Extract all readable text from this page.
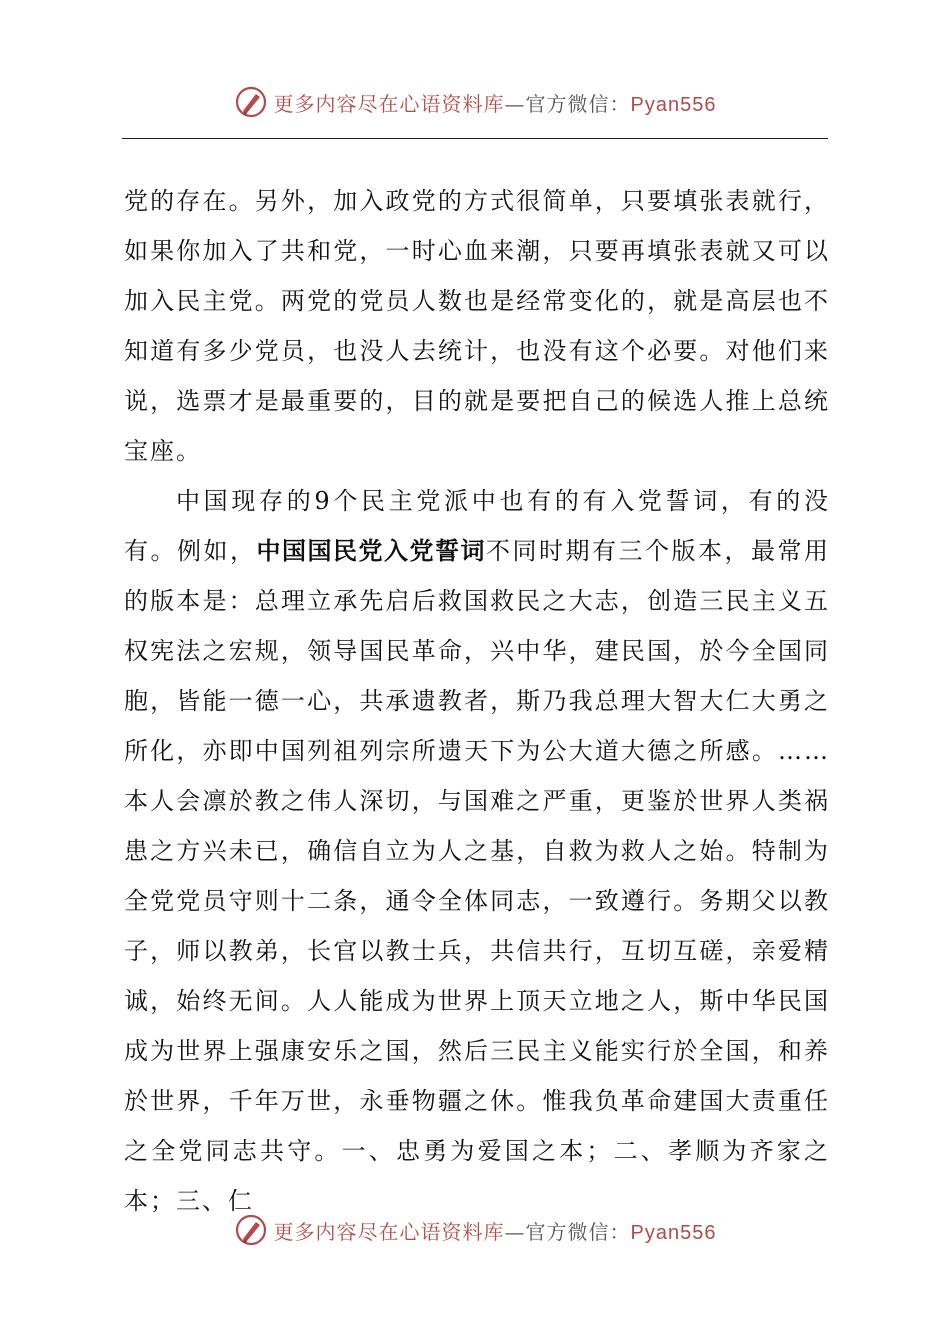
更多内容尽在心语资料库—官方微信：Pyan556

党的存在。另外，加入政党的方式很简单，只要填张表就行，如果你加入了共和党，一时心血来潮，只要再填张表就又可以加入民主党。两党的党员人数也是经常变化的，就是高层也不知道有多少党员，也没人去统计，也没有这个必要。对他们来说，选票才是最重要的，目的就是要把自己的候选人推上总统宝座。

中国现存的9个民主党派中也有的有入党誓词，有的没有。例如，中国国民党入党誓词不同时期有三个版本，最常用的版本是：总理立承先启后救国救民之大志，创造三民主义五权宪法之宏规，领导国民革命，兴中华，建民国，於今全国同胞，皆能一德一心，共承遗教者，斯乃我总理大智大仁大勇之所化，亦即中国列祖列宗所遗天下为公大道大德之所感。……本人会凛於教之伟人深切，与国难之严重，更鉴於世界人类祸患之方兴未已，确信自立为人之基，自救为救人之始。特制为全党党员守则十二条，通令全体同志，一致遵行。务期父以教子，师以教弟，长官以教士兵，共信共行，互切互磋，亲爱精诚，始终无间。人人能成为世界上顶天立地之人，斯中华民国成为世界上强康安乐之国，然后三民主义能实行於全国，和养於世界，千年万世，永垂物疆之休。惟我负革命建国大责重任之全党同志共守。一、忠勇为爱国之本；二、孝顺为齐家之本；三、仁

更多内容尽在心语资料库—官方微信：Pyan556
